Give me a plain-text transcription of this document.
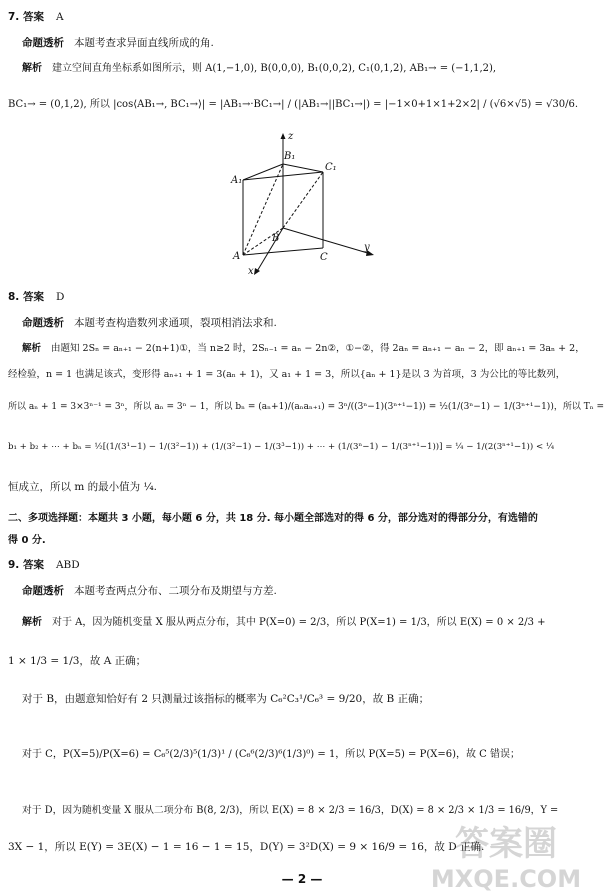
7. 答案 A
命题透析 本题考查求异面直线所成的角.
解析 建立空间直角坐标系如图所示，则 A(1,−1,0), B(0,0,0), B₁(0,0,2), C₁(0,1,2), AB₁→ = (−1,1,2),
BC₁→ = (0,1,2), 所以 |cos⟨AB₁→, BC₁→⟩| = |AB₁→·BC₁→| / (|AB₁→||BC₁→|) = |−1×0+1×1+2×2| / (√6×√5) = √30/6.
z
B₁
C₁
A₁
B
A	C
y
x
8. 答案 D
命题透析 本题考查构造数列求通项，裂项相消法求和.
解析 由题知 2Sₙ = aₙ₊₁ − 2(n+1)①，当 n≥2 时，2Sₙ₋₁ = aₙ − 2n②，①−②，得 2aₙ = aₙ₊₁ − aₙ − 2，即 aₙ₊₁ = 3aₙ + 2，
经检验，n = 1 也满足该式，变形得 aₙ₊₁ + 1 = 3(aₙ + 1)，又 a₁ + 1 = 3，所以{aₙ + 1}是以 3 为首项，3 为公比的等比数列，
所以 aₙ + 1 = 3×3ⁿ⁻¹ = 3ⁿ，所以 aₙ = 3ⁿ − 1，所以 bₙ = (aₙ+1)/(aₙaₙ₊₁) = 3ⁿ/((3ⁿ−1)(3ⁿ⁺¹−1)) = ½(1/(3ⁿ−1) − 1/(3ⁿ⁺¹−1))，所以 Tₙ =
b₁ + b₂ + ⋯ + bₙ = ½[(1/(3¹−1) − 1/(3²−1)) + (1/(3²−1) − 1/(3³−1)) + ⋯ + (1/(3ⁿ−1) − 1/(3ⁿ⁺¹−1))] = ¼ − 1/(2(3ⁿ⁺¹−1)) < ¼
恒成立，所以 m 的最小值为 ¼.
二、多项选择题：本题共 3 小题，每小题 6 分，共 18 分. 每小题全部选对的得 6 分，部分选对的得部分分，有选错的
得 0 分.
9. 答案 ABD
命题透析 本题考查两点分布、二项分布及期望与方差.
解析 对于 A，因为随机变量 X 服从两点分布，其中 P(X=0) = 2/3，所以 P(X=1) = 1/3，所以 E(X) = 0 × 2/3 +
1 × 1/3 = 1/3，故 A 正确；
对于 B，由题意知恰好有 2 只测量过该指标的概率为 C₆²C₃¹/C₆³ = 9/20，故 B 正确；
对于 C，P(X=5)/P(X=6) = C₆⁵(2/3)⁵(1/3)¹ / (C₆⁶(2/3)⁶(1/3)⁰) = 1，所以 P(X=5) = P(X=6)，故 C 错误；
对于 D，因为随机变量 X 服从二项分布 B(8, 2/3)，所以 E(X) = 8 × 2/3 = 16/3，D(X) = 8 × 2/3 × 1/3 = 16/9，Y =
3X − 1，所以 E(Y) = 3E(X) − 1 = 16 − 1 = 15，D(Y) = 3²D(X) = 9 × 16/9 = 16，故 D 正确.
— 2 —
答案圈
MXQE.COM
